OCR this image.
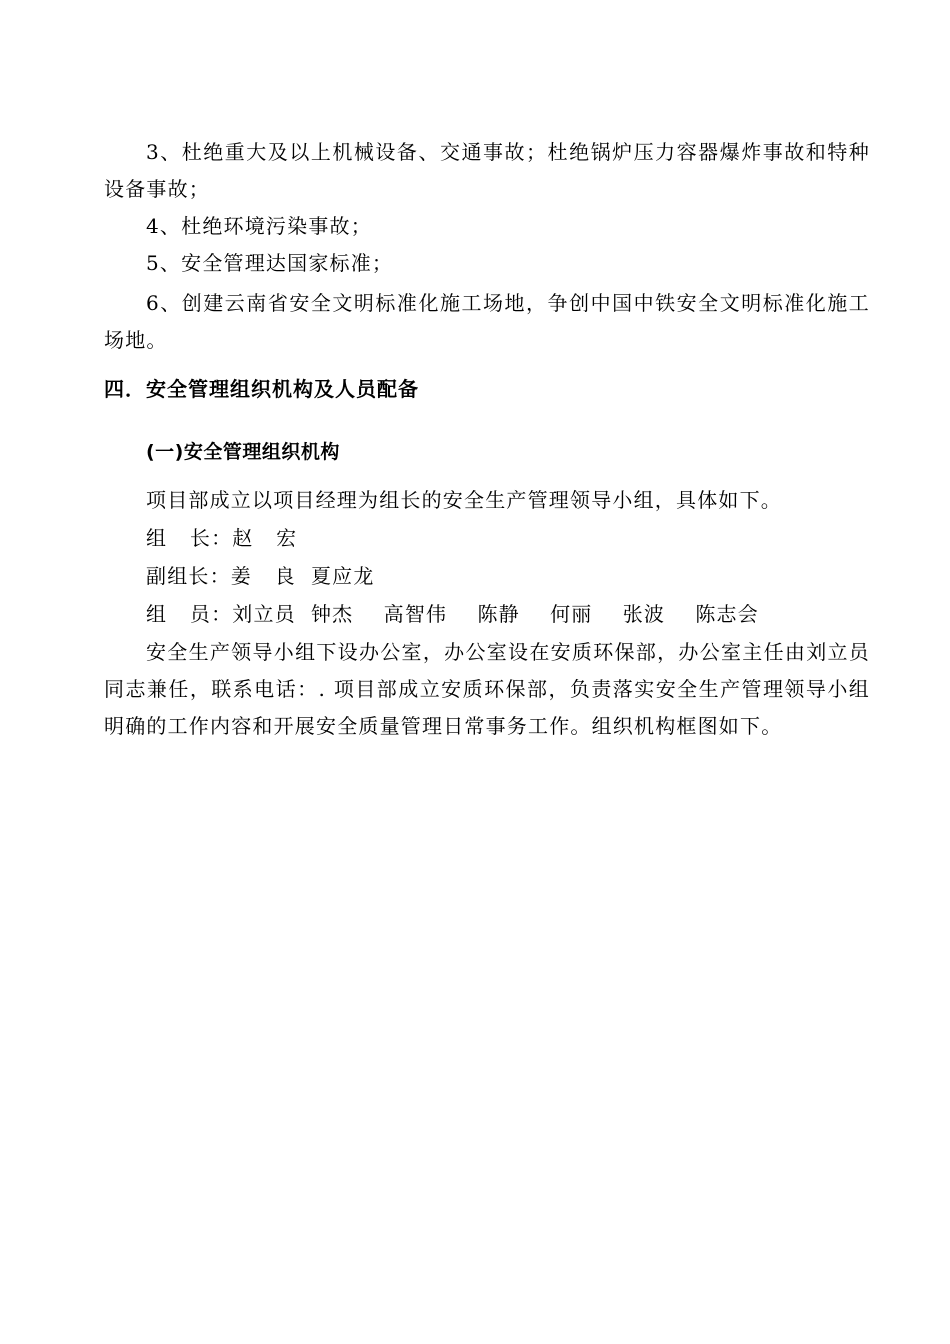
3、杜绝重大及以上机械设备、交通事故；杜绝锅炉压力容器爆炸事故和特种设备事故；

4、杜绝环境污染事故；

5、安全管理达国家标准；

6、创建云南省安全文明标准化施工场地，争创中国中铁安全文明标准化施工场地。

四．安全管理组织机构及人员配备
(一)安全管理组织机构

项目部成立以项目经理为组长的安全生产管理领导小组，具体如下。

组   长：赵   宏

副组长：姜   良  夏应龙

组   员：刘立员  钟杰    高智伟    陈静    何丽    张波    陈志会

安全生产领导小组下设办公室，办公室设在安质环保部，办公室主任由刘立员同志兼任，联系电话：. 项目部成立安质环保部，负责落实安全生产管理领导小组明确的工作内容和开展安全质量管理日常事务工作。组织机构框图如下。
